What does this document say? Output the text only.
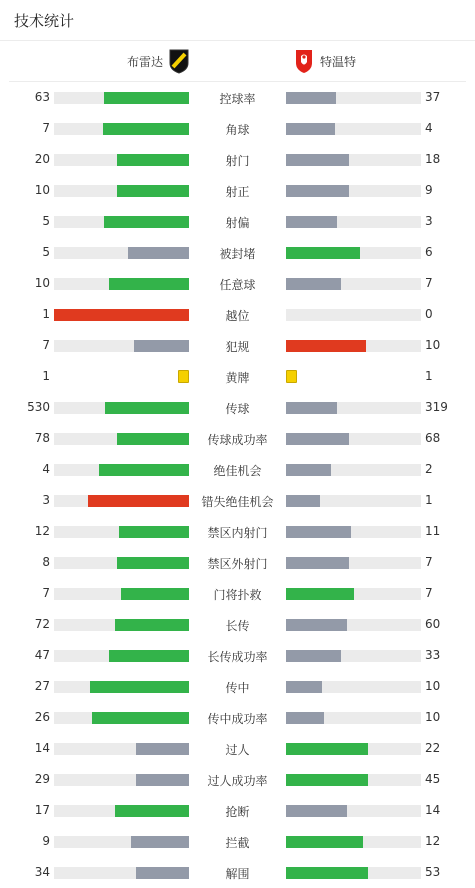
技术统计
布雷达	特温特
63	控球率	37
7	角球	4
20	射门	18
10	射正	9
5	射偏	3
5	被封堵	6
10	任意球	7
1	越位	0
7	犯规	10
1	黄牌	1
530	传球	319
78	传球成功率	68
4	绝佳机会	2
3	错失绝佳机会	1
12	禁区内射门	11
8	禁区外射门	7
7	门将扑救	7
72	长传	60
47	长传成功率	33
27	传中	10
26	传中成功率	10
14	过人	22
29	过人成功率	45
17	抢断	14
9	拦截	12
34	解围	53
